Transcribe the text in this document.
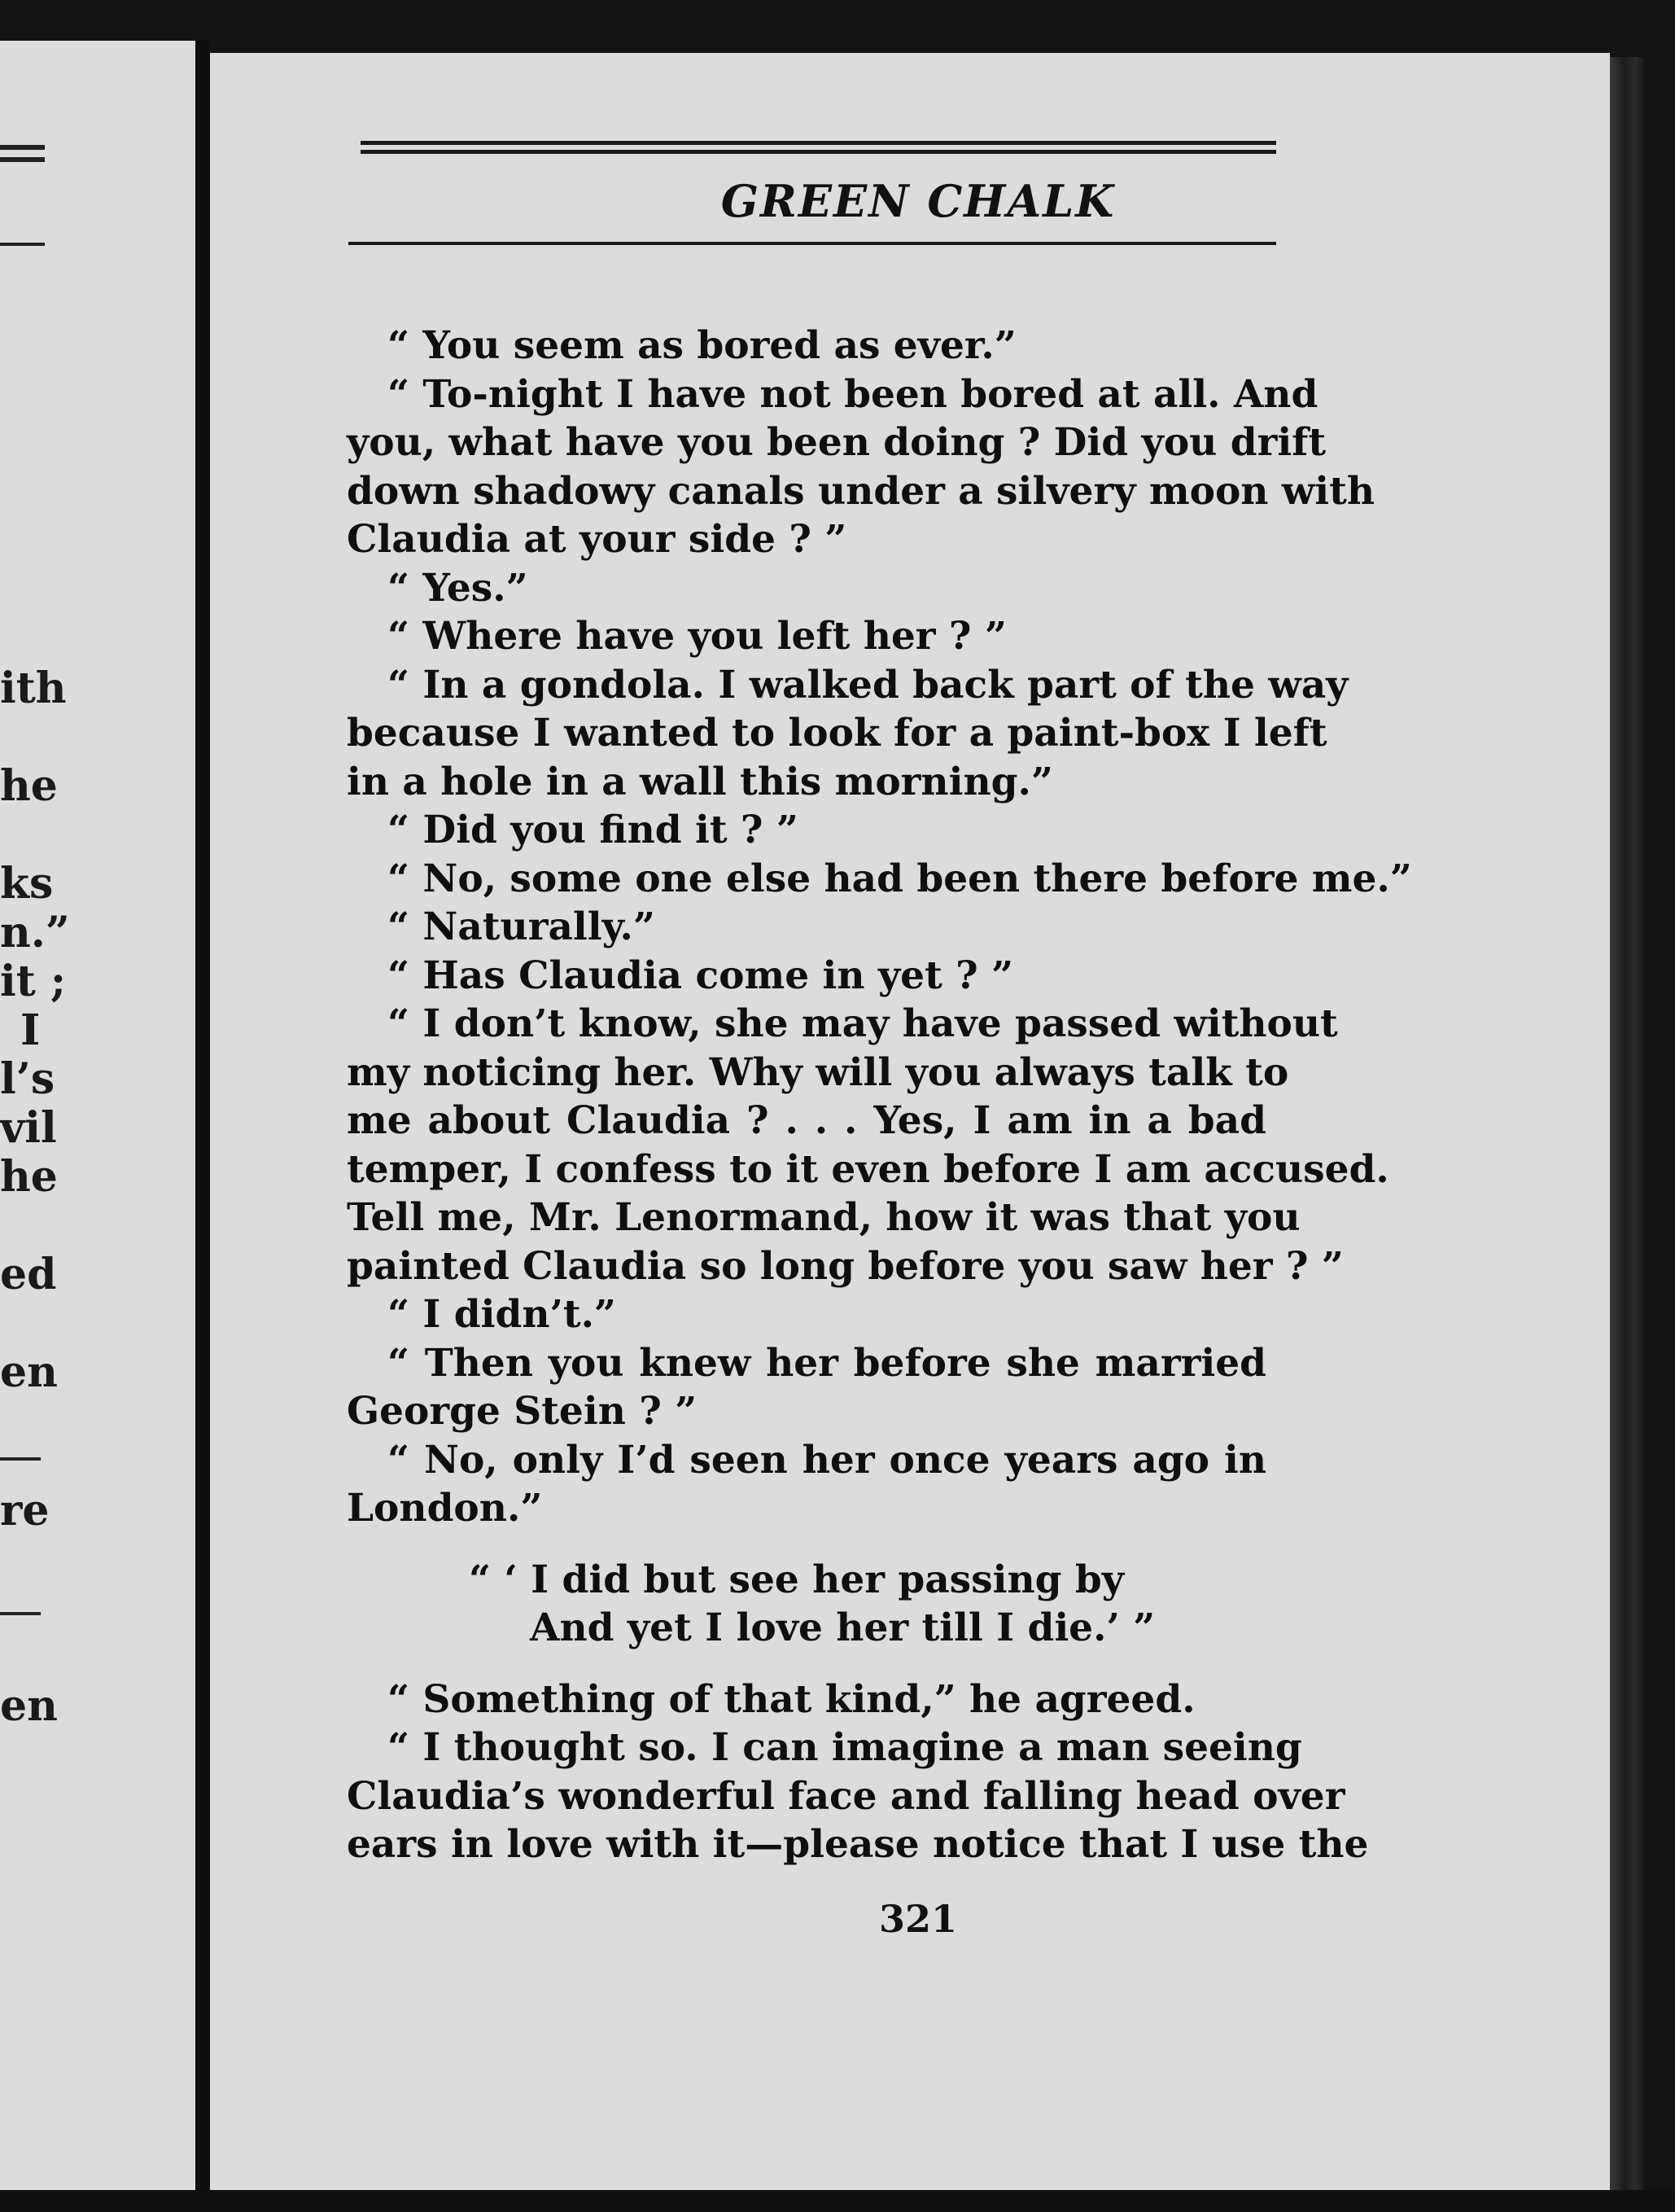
ith
he
ks
n.”
it ;
I
l’s
vil
he
ed
en
re
en
GREEN CHALK
“ You seem as bored as ever.”
“ To-night I have not been bored at all. And
you, what have you been doing ? Did you drift
down shadowy canals under a silvery moon with
Claudia at your side ? ”
“ Yes.”
“ Where have you left her ? ”
“ In a gondola. I walked back part of the way
because I wanted to look for a paint-box I left
in a hole in a wall this morning.”
“ Did you find it ? ”
“ No, some one else had been there before me.”
“ Naturally.”
“ Has Claudia come in yet ? ”
“ I don’t know, she may have passed without
my noticing her. Why will you always talk to
me about Claudia ? . . . Yes, I am in a bad
temper, I confess to it even before I am accused.
Tell me, Mr. Lenormand, how it was that you
painted Claudia so long before you saw her ? ”
“ I didn’t.”
“ Then you knew her before she married
George Stein ? ”
“ No, only I’d seen her once years ago in
London.”
“ ‘ I did but see her passing by
And yet I love her till I die.’ ”
“ Something of that kind,” he agreed.
“ I thought so. I can imagine a man seeing
Claudia’s wonderful face and falling head over
ears in love with it—please notice that I use the
321
